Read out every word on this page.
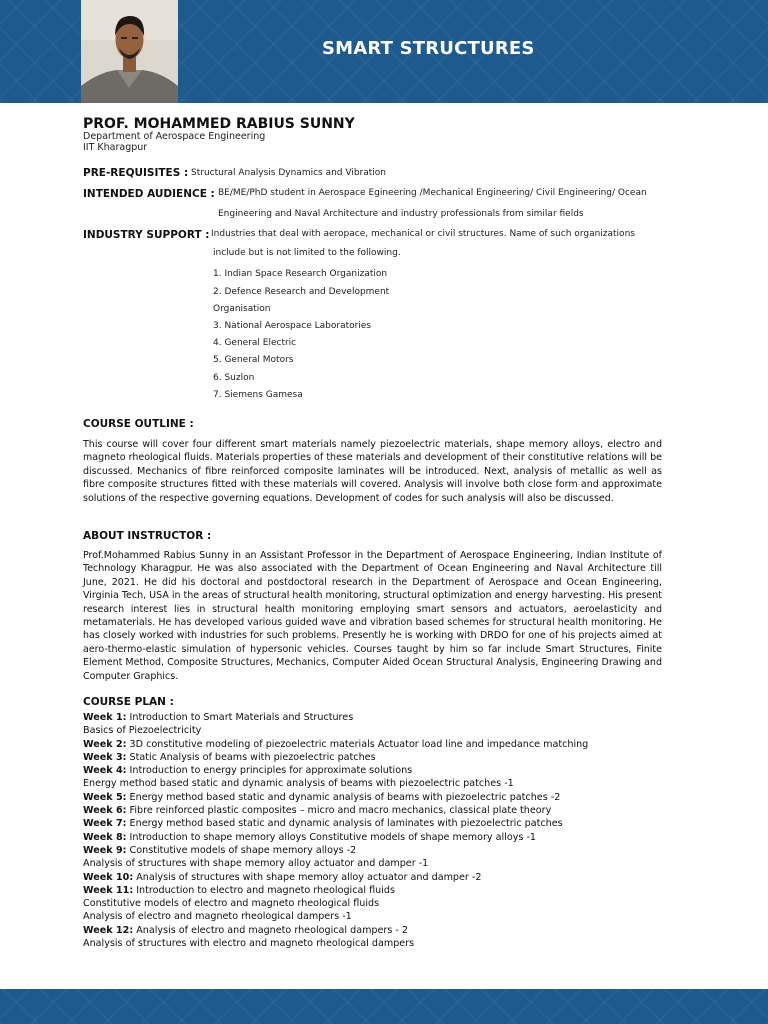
SMART STRUCTURES
PROF. MOHAMMED RABIUS SUNNY
Department of Aerospace Engineering
IIT Kharagpur
PRE-REQUISITES : Structural Analysis Dynamics and Vibration
INTENDED AUDIENCE : BE/ME/PhD student in Aerospace Egineering /Mechanical Engineering/ Civil Engineering/ Ocean
Engineering and Naval Architecture and industry professionals from similar fields
INDUSTRY SUPPORT : Industries that deal with aeropace, mechanical or civil structures. Name of such organizations
include but is not limited to the following.
1. Indian Space Research Organization
2. Defence Research and Development
Organisation
3. National Aerospace Laboratories
4. General Electric
5. General Motors
6. Suzlon
7. Siemens Gamesa
COURSE OUTLINE :
This course will cover four different smart materials namely piezoelectric materials, shape memory alloys, electro and magneto rheological fluids. Materials properties of these materials and development of their constitutive relations will be discussed. Mechanics of fibre reinforced composite laminates will be introduced. Next, analysis of metallic as well as fibre composite structures fitted with these materials will covered. Analysis will involve both close form and approximate solutions of the respective governing equations. Development of codes for such analysis will also be discussed.
ABOUT INSTRUCTOR :
Prof.Mohammed Rabius Sunny in an Assistant Professor in the Department of Aerospace Engineering, Indian Institute of Technology Kharagpur. He was also associated with the Department of Ocean Engineering and Naval Architecture till June, 2021. He did his doctoral and postdoctoral research in the Department of Aerospace and Ocean Engineering, Virginia Tech, USA in the areas of structural health monitoring, structural optimization and energy harvesting. His present research interest lies in structural health monitoring employing smart sensors and actuators, aeroelasticity and metamaterials. He has developed various guided wave and vibration based schemes for structural health monitoring. He has closely worked with industries for such problems. Presently he is working with DRDO for one of his projects aimed at aero-thermo-elastic simulation of hypersonic vehicles. Courses taught by him so far include Smart Structures, Finite Element Method, Composite Structures, Mechanics, Computer Aided Ocean Structural Analysis, Engineering Drawing and Computer Graphics.
COURSE PLAN :
Week 1: Introduction to Smart Materials and Structures
Basics of Piezoelectricity
Week 2: 3D constitutive modeling of piezoelectric materials Actuator load line and impedance matching
Week 3: Static Analysis of beams with piezoelectric patches
Week 4: Introduction to energy principles for approximate solutions
Energy method based static and dynamic analysis of beams with piezoelectric patches -1
Week 5: Energy method based static and dynamic analysis of beams with piezoelectric patches -2
Week 6: Fibre reinforced plastic composites – micro and macro mechanics, classical plate theory
Week 7: Energy method based static and dynamic analysis of laminates with piezoelectric patches
Week 8: Introduction to shape memory alloys Constitutive models of shape memory alloys -1
Week 9: Constitutive models of shape memory alloys -2
Analysis of structures with shape memory alloy actuator and damper -1
Week 10: Analysis of structures with shape memory alloy actuator and damper -2
Week 11: Introduction to electro and magneto rheological fluids
Constitutive models of electro and magneto rheological fluids
Analysis of electro and magneto rheological dampers -1
Week 12: Analysis of electro and magneto rheological dampers - 2
Analysis of structures with electro and magneto rheological dampers
